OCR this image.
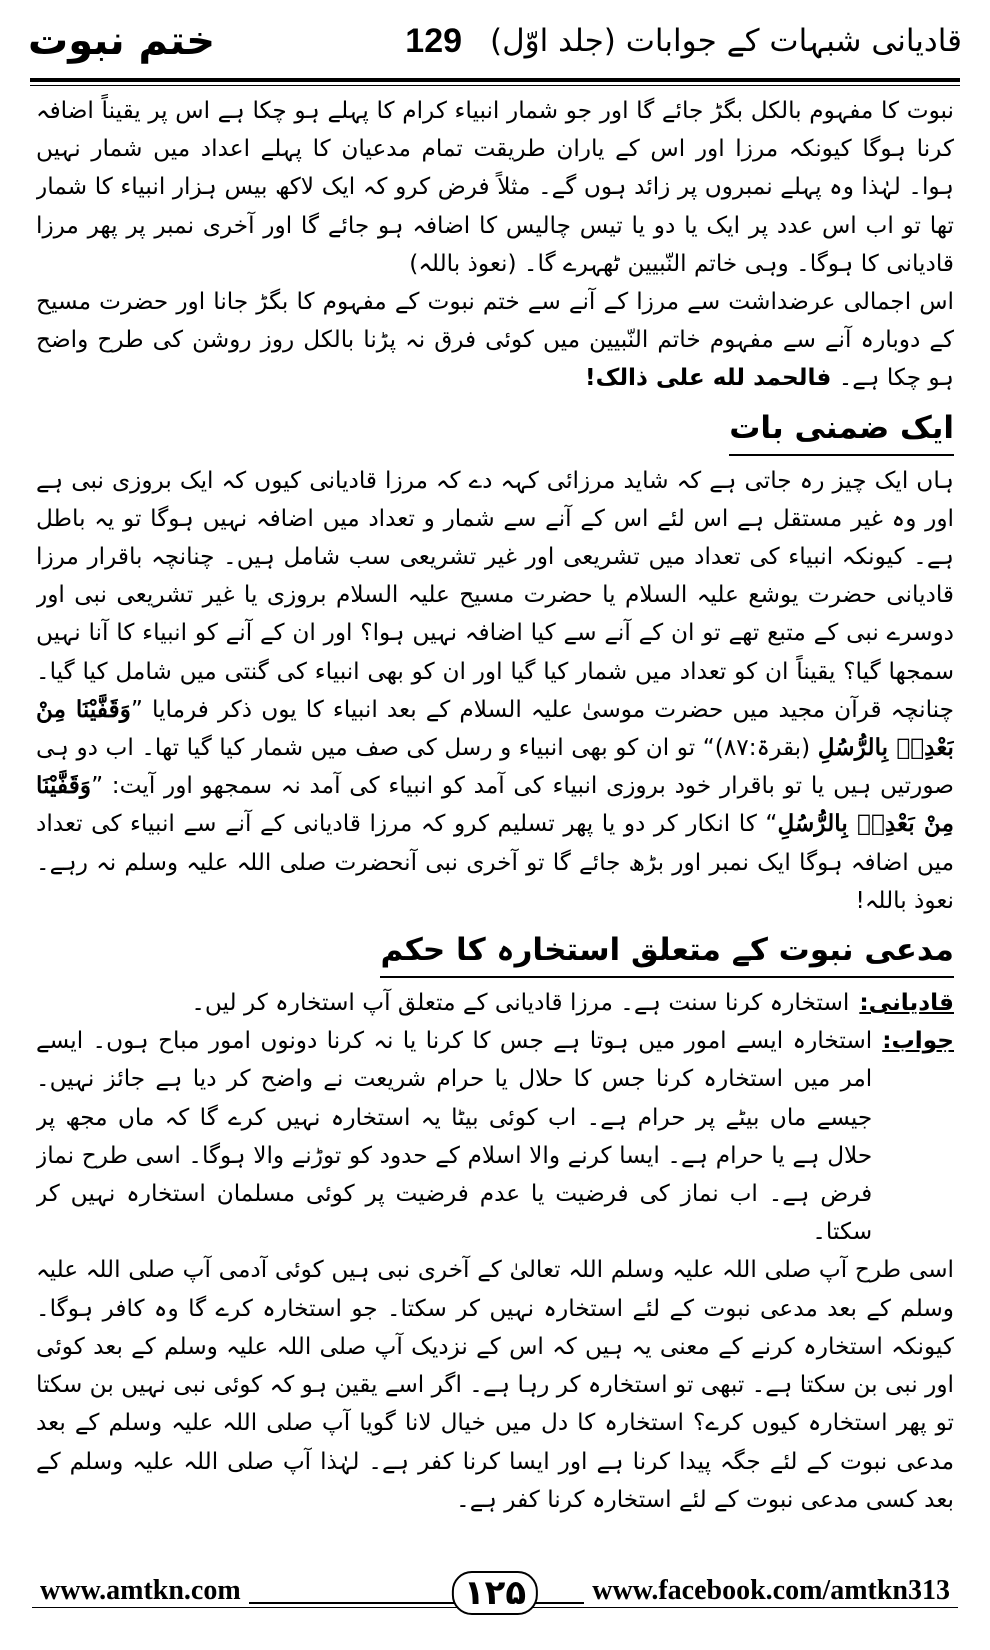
ختم نبوت	129 قادیانی شبہات کے جوابات (جلد اوّل)

نبوت کا مفہوم بالکل بگڑ جائے گا اور جو شمار انبیاء کرام کا پہلے ہو چکا ہے اس پر یقیناً اضافہ کرنا ہوگا کیونکہ مرزا اور اس کے یاران طریقت تمام مدعیان کا پہلے اعداد میں شمار نہیں ہوا۔ لہٰذا وہ پہلے نمبروں پر زائد ہوں گے۔ مثلاً فرض کرو کہ ایک لاکھ بیس ہزار انبیاء کا شمار تھا تو اب اس عدد پر ایک یا دو یا تیس چالیس کا اضافہ ہو جائے گا اور آخری نمبر پر پھر مرزا قادیانی کا ہوگا۔ وہی خاتم النّبیین ٹھہرے گا۔ (نعوذ باللہ)

اس اجمالی عرضداشت سے مرزا کے آنے سے ختم نبوت کے مفہوم کا بگڑ جانا اور حضرت مسیح کے دوبارہ آنے سے مفہوم خاتم النّبیین میں کوئی فرق نہ پڑنا بالکل روز روشن کی طرح واضح ہو چکا ہے۔ فالحمد لله علی ذالک!

ایک ضمنی بات

ہاں ایک چیز رہ جاتی ہے کہ شاید مرزائی کہہ دے کہ مرزا قادیانی کیوں کہ ایک بروزی نبی ہے اور وہ غیر مستقل ہے اس لئے اس کے آنے سے شمار و تعداد میں اضافہ نہیں ہوگا تو یہ باطل ہے۔ کیونکہ انبیاء کی تعداد میں تشریعی اور غیر تشریعی سب شامل ہیں۔ چنانچہ باقرار مرزا قادیانی حضرت یوشع علیہ السلام یا حضرت مسیح علیہ السلام بروزی یا غیر تشریعی نبی اور دوسرے نبی کے متبع تھے تو ان کے آنے سے کیا اضافہ نہیں ہوا؟ اور ان کے آنے کو انبیاء کا آنا نہیں سمجھا گیا؟ یقیناً ان کو تعداد میں شمار کیا گیا اور ان کو بھی انبیاء کی گنتی میں شامل کیا گیا۔ چنانچہ قرآن مجید میں حضرت موسیٰ علیہ السلام کے بعد انبیاء کا یوں ذکر فرمایا ”وَقَفَّيْنَا مِنْ بَعْدِهٖ بِالرُّسُلِ (بقرۃ:۸۷)“ تو ان کو بھی انبیاء و رسل کی صف میں شمار کیا گیا تھا۔ اب دو ہی صورتیں ہیں یا تو باقرار خود بروزی انبیاء کی آمد کو انبیاء کی آمد نہ سمجھو اور آیت: ”وَقَفَّيْنَا مِنْ بَعْدِهٖ بِالرُّسُلِ“ کا انکار کر دو یا پھر تسلیم کرو کہ مرزا قادیانی کے آنے سے انبیاء کی تعداد میں اضافہ ہوگا ایک نمبر اور بڑھ جائے گا تو آخری نبی آنحضرت صلی اللہ علیہ وسلم نہ رہے۔ نعوذ باللہ!

مدعی نبوت کے متعلق استخارہ کا حکم
قادیانی:
استخارہ کرنا سنت ہے۔ مرزا قادیانی کے متعلق آپ استخارہ کر لیں۔
جواب:
استخارہ ایسے امور میں ہوتا ہے جس کا کرنا یا نہ کرنا دونوں امور مباح ہوں۔ ایسے امر میں استخارہ کرنا جس کا حلال یا حرام شریعت نے واضح کر دیا ہے جائز نہیں۔ جیسے ماں بیٹے پر حرام ہے۔ اب کوئی بیٹا یہ استخارہ نہیں کرے گا کہ ماں مجھ پر حلال ہے یا حرام ہے۔ ایسا کرنے والا اسلام کے حدود کو توڑنے والا ہوگا۔ اسی طرح نماز فرض ہے۔ اب نماز کی فرضیت یا عدم فرضیت پر کوئی مسلمان استخارہ نہیں کر سکتا۔

اسی طرح آپ صلی اللہ علیہ وسلم اللہ تعالیٰ کے آخری نبی ہیں کوئی آدمی آپ صلی اللہ علیہ وسلم کے بعد مدعی نبوت کے لئے استخارہ نہیں کر سکتا۔ جو استخارہ کرے گا وہ کافر ہوگا۔ کیونکہ استخارہ کرنے کے معنی یہ ہیں کہ اس کے نزدیک آپ صلی اللہ علیہ وسلم کے بعد کوئی اور نبی بن سکتا ہے۔ تبھی تو استخارہ کر رہا ہے۔ اگر اسے یقین ہو کہ کوئی نبی نہیں بن سکتا تو پھر استخارہ کیوں کرے؟ استخارہ کا دل میں خیال لانا گویا آپ صلی اللہ علیہ وسلم کے بعد مدعی نبوت کے لئے جگہ پیدا کرنا ہے اور ایسا کرنا کفر ہے۔ لہٰذا آپ صلی اللہ علیہ وسلم کے بعد کسی مدعی نبوت کے لئے استخارہ کرنا کفر ہے۔

www.amtkn.com	۱۲۵	www.facebook.com/amtkn313
